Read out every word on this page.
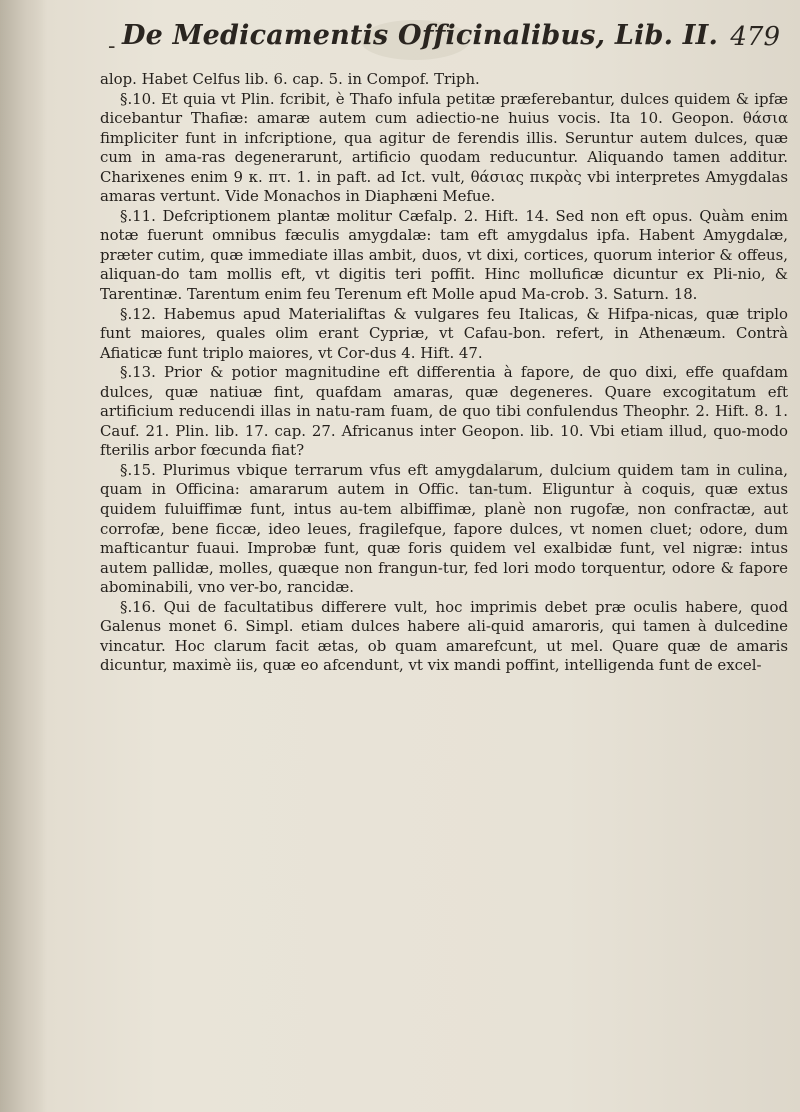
- De Medicamentis Officinalibus, Lib. II. 479

alop. Habet Celfus lib. 6. cap. 5. in Compof. Triph.

§.10. Et quia vt Plin. fcribit, è Thafo infula petitæ præferebantur, dulces quidem & ipfæ dicebantur Thafiæ: amaræ autem cum adiectio-ne huius vocis. Ita 10. Geopon. θάσια fimpliciter funt in infcriptione, qua agitur de ferendis illis. Seruntur autem dulces, quæ cum in ama-ras degenerarunt, artificio quodam reducuntur. Aliquando tamen additur. Charixenes enim 9 κ. πτ. 1. in paft. ad Ict. vult, θάσιας πικρὰς vbi interpretes Amygdalas amaras vertunt. Vide Monachos in Diaphæni Mefue.

§.11. Defcriptionem plantæ molitur Cæfalp. 2. Hift. 14. Sed non eft opus. Quàm enim notæ fuerunt omnibus fæculis amygdalæ: tam eft amygdalus ipfa. Habent Amygdalæ, præter cutim, quæ immediate illas ambit, duos, vt dixi, cortices, quorum interior & offeus, aliquan-do tam mollis eft, vt digitis teri poffit. Hinc molluficæ dicuntur ex Pli-nio, & Tarentinæ. Tarentum enim feu Terenum eft Molle apud Ma-crob. 3. Saturn. 18.

§.12. Habemus apud Materialiftas & vulgares feu Italicas, & Hifpa-nicas, quæ triplo funt maiores, quales olim erant Cypriæ, vt Cafau-bon. refert, in Athenæum. Contrà Afiaticæ funt triplo maiores, vt Cor-dus 4. Hift. 47.

§.13. Prior & potior magnitudine eft differentia à fapore, de quo dixi, effe quafdam dulces, quæ natiuæ fint, quafdam amaras, quæ degeneres. Quare excogitatum eft artificium reducendi illas in natu-ram fuam, de quo tibi confulendus Theophr. 2. Hift. 8. 1. Cauf. 21. Plin. lib. 17. cap. 27. Africanus inter Geopon. lib. 10. Vbi etiam illud, quo-modo fterilis arbor fœcunda fiat?

§.15. Plurimus vbique terrarum vfus eft amygdalarum, dulcium quidem tam in culina, quam in Officina: amararum autem in Offic. tan-tum. Eliguntur à coquis, quæ extus quidem fuluiffimæ funt, intus au-tem albiffimæ, planè non rugofæ, non confractæ, aut corrofæ, bene ficcæ, ideo leues, fragilefque, fapore dulces, vt nomen cluet; odore, dum mafticantur fuaui. Improbæ funt, quæ foris quidem vel exalbidæ funt, vel nigræ: intus autem pallidæ, molles, quæque non frangun-tur, fed lori modo torquentur, odore & fapore abominabili, vno ver-bo, rancidæ.

§.16. Qui de facultatibus differere vult, hoc imprimis debet præ oculis habere, quod Galenus monet 6. Simpl. etiam dulces habere ali-quid amaroris, qui tamen à dulcedine vincatur. Hoc clarum facit ætas, ob quam amarefcunt, ut mel. Quare quæ de amaris dicuntur, maximè iis, quæ eo afcendunt, vt vix mandi poffint, intelligenda funt de excel-
